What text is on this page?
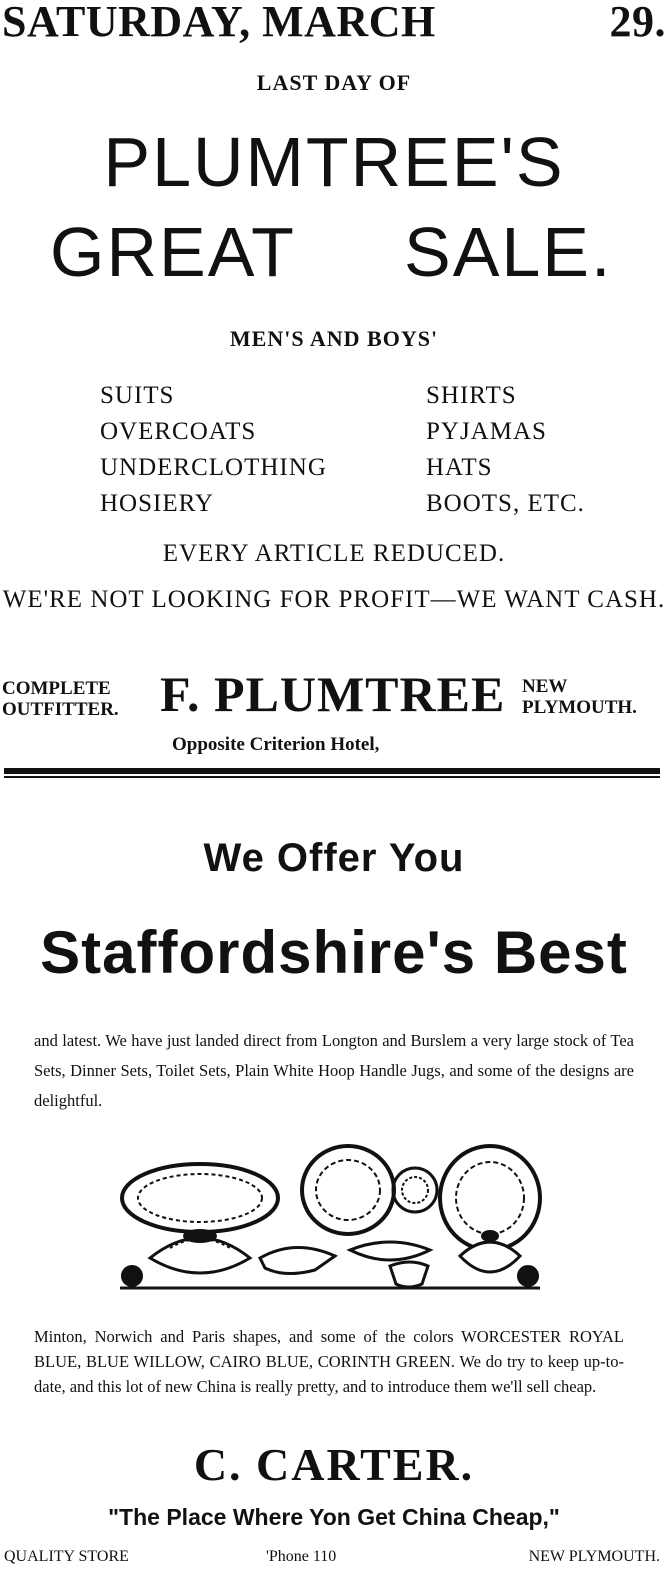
SATURDAY, MARCH	29.
LAST DAY OF
PLUMTREE'S
GREAT SALE.
MEN'S AND BOYS'
SUITS
OVERCOATS
UNDERCLOTHING
HOSIERY
SHIRTS
PYJAMAS
HATS
BOOTS, ETC.
EVERY ARTICLE REDUCED.
WE'RE NOT LOOKING FOR PROFIT—WE WANT CASH.
COMPLETE
OUTFITTER. F. PLUMTREE NEW
PLYMOUTH.
Opposite Criterion Hotel,
We Offer You
Staffordshire's Best
and latest. We have just landed direct from Longton and Burslem a very large stock of Tea Sets, Dinner Sets, Toilet Sets, Plain White Hoop Handle Jugs, and some of the designs are delightful.
Minton, Norwich and Paris shapes, and some of the colors WORCESTER ROYAL BLUE, BLUE WILLOW, CAIRO BLUE, CORINTH GREEN. We do try to keep up-to-date, and this lot of new China is really pretty, and to introduce them we'll sell cheap.
C. CARTER.
"The Place Where Yon Get China Cheap,"
QUALITY STORE	'Phone 110	NEW PLYMOUTH.
